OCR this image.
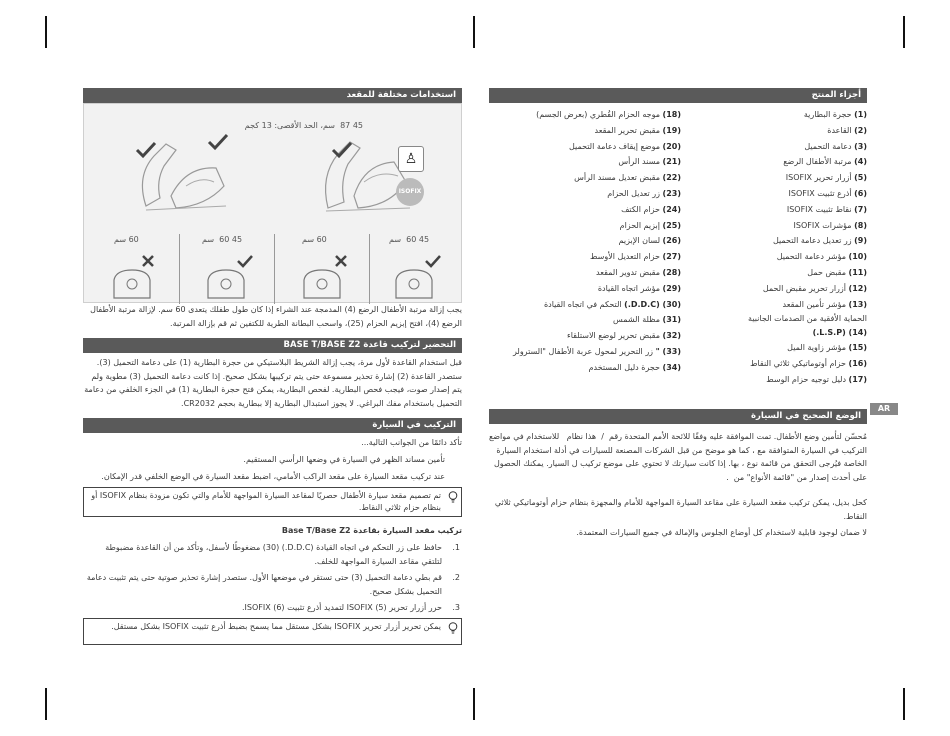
استخدامات مختلفة للمقعد
45 ‎ 87 سم، الحد الأقصى: 13 كجم
♙
ISOFIX
60 سم	45 ‎ 60 سم	60 سم	45 ‎ 60 سم
يجب إزالة مرتبة الأطفال الرضع (4) المدمجة عند الشراء إذا كان طول طفلك يتعدى 60 سم. لإزالة مرتبة الأطفال الرضع (4)، افتح إبزيم الحزام (25)، واسحب البطانة الطرية للكتفين ثم قم بإزالة المرتبة.
التحضير لتركيب قاعدة BASE T/BASE Z2
قبل استخدام القاعدة لأول مرة، يجب إزالة الشريط البلاستيكي من حجرة البطارية (1) على دعامة التحميل (3). ستصدر القاعدة (2) إشارة تحذير مسموعة حتى يتم تركيبها بشكل صحيح. إذا كانت دعامة التحميل (3) مطوية ولم يتم إصدار صوت، فيجب فحص البطارية. لفحص البطارية، يمكن فتح حجرة البطارية (1) في الجزء الخلفي من دعامة التحميل باستخدام مفك البراغي. لا يجوز استبدال البطارية إلا ببطارية بحجم CR2032.
التركيب في السيارة
تأكد دائمًا من الجوانب التالية...
تأمين مساند الظهر في السيارة في وضعها الرأسي المستقيم.
عند تركيب مقعد السيارة على مقعد الراكب الأمامي، اضبط مقعد السيارة في الوضع الخلفي قدر الإمكان.
تم تصميم مقعد سيارة الأطفال حصريًا لمقاعد السيارة المواجهة للأمام والتي تكون مزودة بنظام ISOFIX أو بنظام حزام ثلاثي النقاط.
تركيب مقعد السيارة بقاعدة Base T/Base Z2
1.
حافظ على زر التحكم في اتجاه القيادة (D.D.C.) (30) مضغوطًا لأسفل، وتأكد من أن القاعدة مضبوطة لتلتقي مقاعد السيارة المواجهة للخلف.
2.
قم بطي دعامة التحميل (3) حتى تستقر في موضعها الأول. ستصدر إشارة تحذير صوتية حتى يتم تثبيت دعامة التحميل بشكل صحيح.
3.
حرر أزرار تحرير ISOFIX (5) لتمديد أذرع تثبيت ISOFIX (6).
يمكن تحرير أزرار تحرير ISOFIX بشكل مستقل مما يسمح بضبط أذرع تثبيت ISOFIX بشكل مستقل.
أجزاء المنتج
(1) حجرة البطارية
(2) القاعدة
(3) دعامة التحميل
(4) مرتبة الأطفال الرضع
(5) أزرار تحرير ISOFIX
(6) أذرع تثبيت ISOFIX
(7) نقاط تثبيت ISOFIX
(8) مؤشرات ISOFIX
(9) زر تعديل دعامة التحميل
(10) مؤشر دعامة التحميل
(11) مقبض حمل
(12) أزرار تحرير مقبض الحمل
(13) مؤشر تأمين المقعد
الحماية الأفقية من الصدمات الجانبية
(14) (L.S.P.)
(15) مؤشر زاوية الميل
(16) حزام أوتوماتيكي ثلاثي النقاط
(17) دليل توجيه حزام الوسط
(18) موجه الحزام القُطري (بعرض الجسم)
(19) مقبض تحرير المقعد
(20) موضع إيقاف دعامة التحميل
(21) مسند الرأس
(22) مقبض تعديل مسند الرأس
(23) زر تعديل الحزام
(24) حزام الكتف
(25) إبزيم الحزام
(26) لسان الإبزيم
(27) حزام التعديل الأوسط
(28) مقبض تدوير المقعد
(29) مؤشر اتجاه القيادة
(30) (D.D.C.) التحكم في اتجاه القيادة
(31) مظلة الشمس
(32) مقبض تحرير لوضع الاستلقاء
(33) " زر التحرير لمحول عربة الأطفال "السترولر
(34) حجرة دليل المستخدم
AR
الوضع الصحيح في السيارة
مُحسّن لتأمين وضع الأطفال. تمت الموافقة عليه وفقًا للائحة الأمم المتحدة رقم / هذا نظام ‎ للاستخدام في مواضع التركيب في السيارة المتوافقة مع ، كما هو موضح من قبل الشركات المصنعة للسيارات في أدلة استخدام السيارة الخاصة فيُرجى التحقق من قائمة نوع ، بها. إذا كانت سيارتك لا تحتوي على موضع تركيب ل السيار. يمكنك الحصول على أحدث إصدار من "قائمة الأنواع" من .
كحل بديل، يمكن تركيب مقعد السيارة على مقاعد السيارة المواجهة للأمام والمجهزة بنظام حزام أوتوماتيكي ثلاثي النقاط.
لا ضمان لوجود قابلية لاستخدام كل أوضاع الجلوس والإمالة في جميع السيارات المعتمدة.
